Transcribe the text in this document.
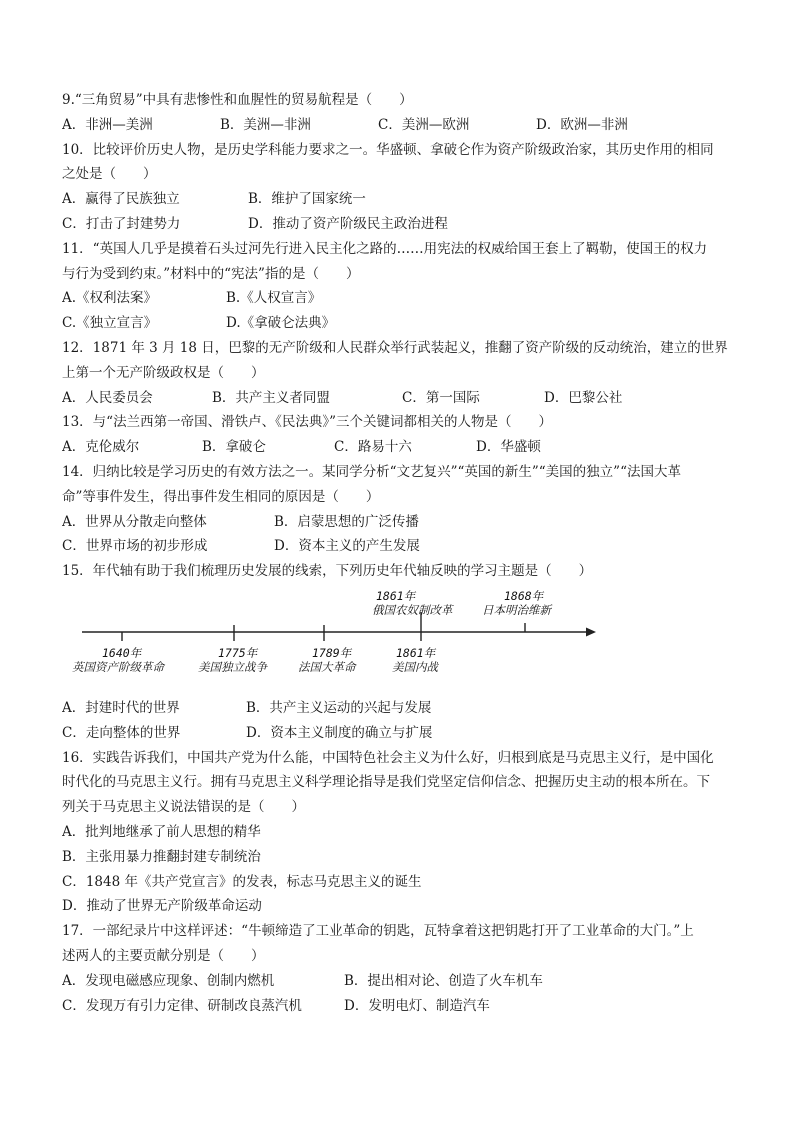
9.“三角贸易”中具有悲惨性和血腥性的贸易航程是（　　）
A．非洲—美洲	B．美洲—非洲	C．美洲—欧洲	D．欧洲—非洲
10．比较评价历史人物，是历史学科能力要求之一。华盛顿、拿破仑作为资产阶级政治家，其历史作用的相同
之处是（　　）
A．赢得了民族独立	B．维护了国家统一
C．打击了封建势力	D．推动了资产阶级民主政治进程
11．“英国人几乎是摸着石头过河先行进入民主化之路的……用宪法的权威给国王套上了羁勒，使国王的权力
与行为受到约束。”材料中的“宪法”指的是（　　）
A.《权利法案》	B.《人权宣言》
C.《独立宣言》	D.《拿破仑法典》
12．1871 年 3 月 18 日，巴黎的无产阶级和人民群众举行武装起义，推翻了资产阶级的反动统治，建立的世界
上第一个无产阶级政权是（　　）
A．人民委员会	B．共产主义者同盟	C．第一国际	D．巴黎公社
13．与“法兰西第一帝国、滑铁卢、《民法典》”三个关键词都相关的人物是（　　）
A．克伦威尔	B．拿破仑	C．路易十六	D．华盛顿
14．归纳比较是学习历史的有效方法之一。某同学分析“文艺复兴”“英国的新生”“美国的独立”“法国大革
命”等事件发生，得出事件发生相同的原因是（　　）
A．世界从分散走向整体	B．启蒙思想的广泛传播
C．世界市场的初步形成	D．资本主义的产生发展
15．年代轴有助于我们梳理历史发展的线索，下列历史年代轴反映的学习主题是（　　）
1861年
俄国农奴制改革
1868年
日本明治维新
1640年
英国资产阶级革命
1775年
美国独立战争
1789年
法国大革命
1861年
美国内战
A．封建时代的世界	B．共产主义运动的兴起与发展
C．走向整体的世界	D．资本主义制度的确立与扩展
16．实践告诉我们，中国共产党为什么能，中国特色社会主义为什么好，归根到底是马克思主义行，是中国化
时代化的马克思主义行。拥有马克思主义科学理论指导是我们党坚定信仰信念、把握历史主动的根本所在。下
列关于马克思主义说法错误的是（　　）
A．批判地继承了前人思想的精华
B．主张用暴力推翻封建专制统治
C．1848 年《共产党宣言》的发表，标志马克思主义的诞生
D．推动了世界无产阶级革命运动
17．一部纪录片中这样评述：“牛顿缔造了工业革命的钥匙，瓦特拿着这把钥匙打开了工业革命的大门。”上
述两人的主要贡献分别是（　　）
A．发现电磁感应现象、创制内燃机	B．提出相对论、创造了火车机车
C．发现万有引力定律、研制改良蒸汽机	D．发明电灯、制造汽车
